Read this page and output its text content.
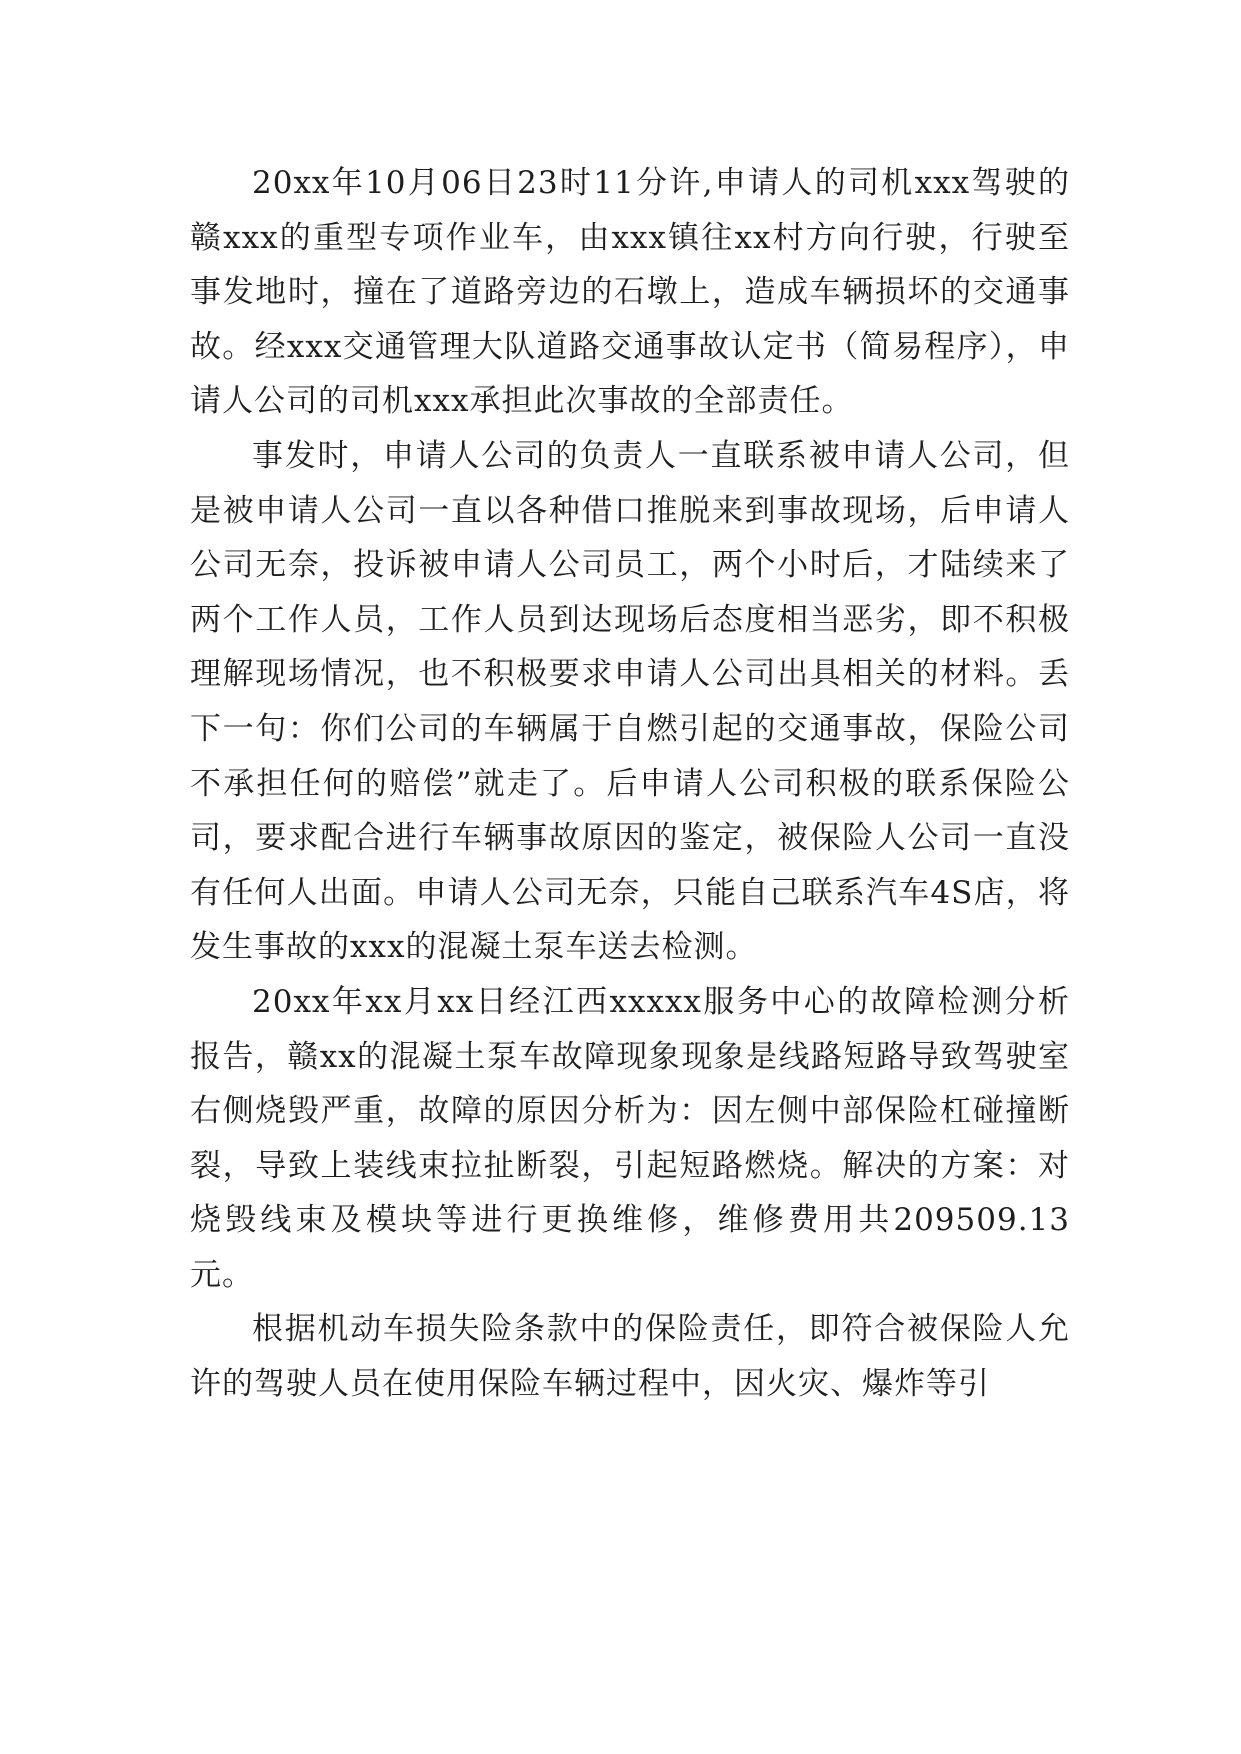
20xx年10月06日23时11分许,申请人的司机xxx驾驶的赣xxx的重型专项作业车，由xxx镇往xx村方向行驶，行驶至事发地时，撞在了道路旁边的石墩上，造成车辆损坏的交通事故。经xxx交通管理大队道路交通事故认定书（简易程序），申请人公司的司机xxx承担此次事故的全部责任。

事发时，申请人公司的负责人一直联系被申请人公司，但是被申请人公司一直以各种借口推脱来到事故现场，后申请人公司无奈，投诉被申请人公司员工，两个小时后，才陆续来了两个工作人员，工作人员到达现场后态度相当恶劣，即不积极理解现场情况，也不积极要求申请人公司出具相关的材料。丢下一句：你们公司的车辆属于自燃引起的交通事故，保险公司不承担任何的赔偿”就走了。后申请人公司积极的联系保险公司，要求配合进行车辆事故原因的鉴定，被保险人公司一直没有任何人出面。申请人公司无奈，只能自己联系汽车4S店，将发生事故的xxx的混凝土泵车送去检测。

20xx年xx月xx日经江西xxxxx服务中心的故障检测分析报告，赣xx的混凝土泵车故障现象现象是线路短路导致驾驶室右侧烧毁严重，故障的原因分析为：因左侧中部保险杠碰撞断裂，导致上装线束拉扯断裂，引起短路燃烧。解决的方案：对烧毁线束及模块等进行更换维修，维修费用共209509.13元。

根据机动车损失险条款中的保险责任，即符合被保险人允许的驾驶人员在使用保险车辆过程中，因火灾、爆炸等引
